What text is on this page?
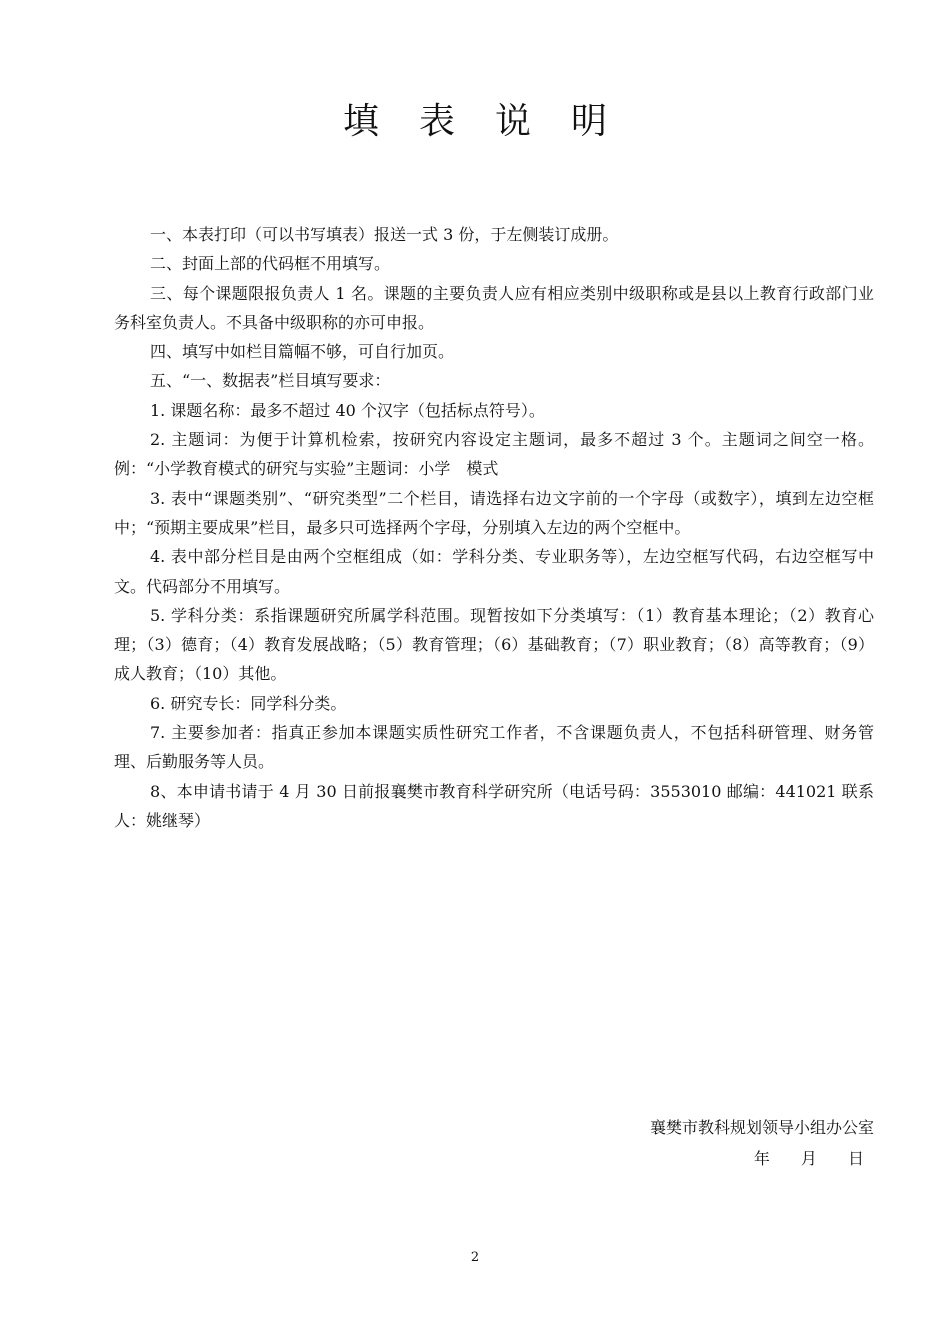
填表说明

一、本表打印（可以书写填表）报送一式 3 份，于左侧装订成册。

二、封面上部的代码框不用填写。

三、每个课题限报负责人 1 名。课题的主要负责人应有相应类别中级职称或是县以上教育行政部门业务科室负责人。不具备中级职称的亦可申报。

四、填写中如栏目篇幅不够，可自行加页。

五、“一、数据表”栏目填写要求：

1. 课题名称：最多不超过 40 个汉字（包括标点符号）。

2. 主题词：为便于计算机检索，按研究内容设定主题词，最多不超过 3 个。主题词之间空一格。例：“小学教育模式的研究与实验”主题词：小学　模式

3. 表中“课题类别”、“研究类型”二个栏目，请选择右边文字前的一个字母（或数字），填到左边空框中；“预期主要成果”栏目，最多只可选择两个字母，分别填入左边的两个空框中。

4. 表中部分栏目是由两个空框组成（如：学科分类、专业职务等），左边空框写代码，右边空框写中文。代码部分不用填写。

5. 学科分类：系指课题研究所属学科范围。现暂按如下分类填写：（1）教育基本理论；（2）教育心理；（3）德育；（4）教育发展战略；（5）教育管理；（6）基础教育；（7）职业教育；（8）高等教育；（9）成人教育；（10）其他。

6. 研究专长：同学科分类。

7. 主要参加者：指真正参加本课题实质性研究工作者，不含课题负责人，不包括科研管理、财务管理、后勤服务等人员。

8、本申请书请于 4 月 30 日前报襄樊市教育科学研究所（电话号码：3553010 邮编：441021 联系人：姚继琴）

襄樊市教科规划领导小组办公室
年 月 日
2
